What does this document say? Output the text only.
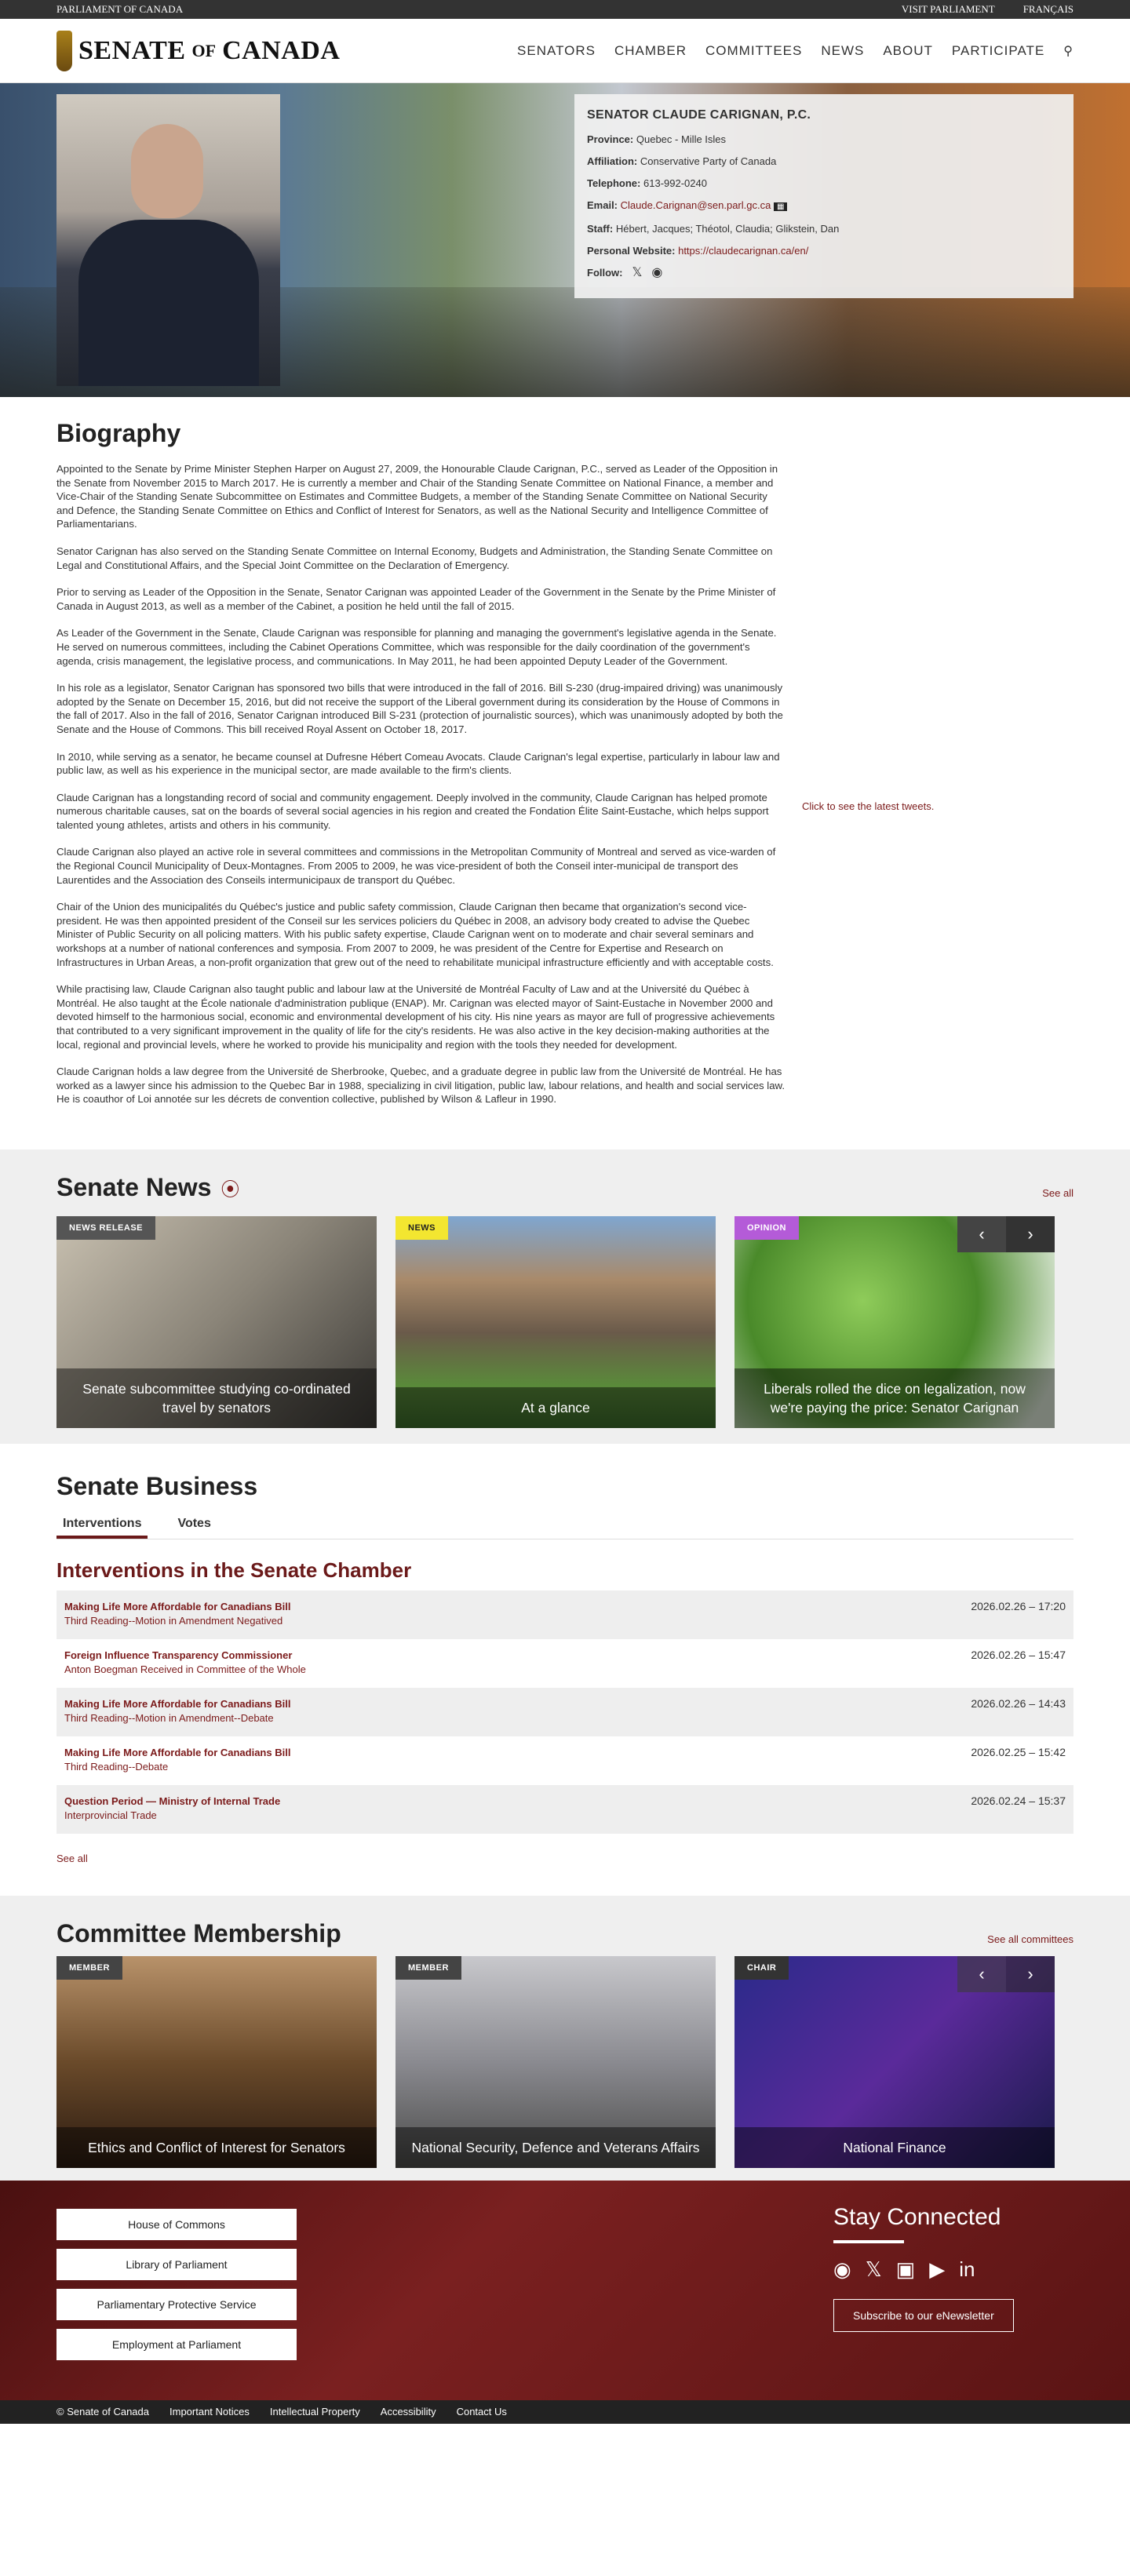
PARLIAMENT OF CANADA	VISIT PARLIAMENT	FRANÇAIS
SENATE OF CANADA	SENATORS CHAMBER COMMITTEES NEWS ABOUT PARTICIPATE ⚲
SENATOR CLAUDE CARIGNAN, P.C.
Province: Quebec - Mille Isles
Affiliation: Conservative Party of Canada
Telephone: 613-992-0240
Email: Claude.Carignan@sen.parl.gc.ca ▦
Staff: Hébert, Jacques; Théotol, Claudia; Glikstein, Dan
Personal Website: https://claudecarignan.ca/en/
Follow: 𝕏 ◉
Click to see the latest tweets.
Biography

Appointed to the Senate by Prime Minister Stephen Harper on August 27, 2009, the Honourable Claude Carignan, P.C., served as Leader of the Opposition in the Senate from November 2015 to March 2017. He is currently a member and Chair of the Standing Senate Committee on National Finance, a member and Vice-Chair of the Standing Senate Subcommittee on Estimates and Committee Budgets, a member of the Standing Senate Committee on National Security and Defence, the Standing Senate Committee on Ethics and Conflict of Interest for Senators, as well as the National Security and Intelligence Committee of Parliamentarians.

Senator Carignan has also served on the Standing Senate Committee on Internal Economy, Budgets and Administration, the Standing Senate Committee on Legal and Constitutional Affairs, and the Special Joint Committee on the Declaration of Emergency.

Prior to serving as Leader of the Opposition in the Senate, Senator Carignan was appointed Leader of the Government in the Senate by the Prime Minister of Canada in August 2013, as well as a member of the Cabinet, a position he held until the fall of 2015.

As Leader of the Government in the Senate, Claude Carignan was responsible for planning and managing the government's legislative agenda in the Senate. He served on numerous committees, including the Cabinet Operations Committee, which was responsible for the daily coordination of the government's agenda, crisis management, the legislative process, and communications. In May 2011, he had been appointed Deputy Leader of the Government.

In his role as a legislator, Senator Carignan has sponsored two bills that were introduced in the fall of 2016. Bill S-230 (drug-impaired driving) was unanimously adopted by the Senate on December 15, 2016, but did not receive the support of the Liberal government during its consideration by the House of Commons in the fall of 2017. Also in the fall of 2016, Senator Carignan introduced Bill S-231 (protection of journalistic sources), which was unanimously adopted by both the Senate and the House of Commons. This bill received Royal Assent on October 18, 2017.

In 2010, while serving as a senator, he became counsel at Dufresne Hébert Comeau Avocats. Claude Carignan's legal expertise, particularly in labour law and public law, as well as his experience in the municipal sector, are made available to the firm's clients.

Claude Carignan has a longstanding record of social and community engagement. Deeply involved in the community, Claude Carignan has helped promote numerous charitable causes, sat on the boards of several social agencies in his region and created the Fondation Élite Saint-Eustache, which helps support talented young athletes, artists and others in his community.

Claude Carignan also played an active role in several committees and commissions in the Metropolitan Community of Montreal and served as vice-warden of the Regional Council Municipality of Deux-Montagnes. From 2005 to 2009, he was vice-president of both the Conseil inter-municipal de transport des Laurentides and the Association des Conseils intermunicipaux de transport du Québec.

Chair of the Union des municipalités du Québec's justice and public safety commission, Claude Carignan then became that organization's second vice-president. He was then appointed president of the Conseil sur les services policiers du Québec in 2008, an advisory body created to advise the Quebec Minister of Public Security on all policing matters. With his public safety expertise, Claude Carignan went on to moderate and chair several seminars and workshops at a number of national conferences and symposia. From 2007 to 2009, he was president of the Centre for Expertise and Research on Infrastructures in Urban Areas, a non-profit organization that grew out of the need to rehabilitate municipal infrastructure efficiently and with acceptable costs.

While practising law, Claude Carignan also taught public and labour law at the Université de Montréal Faculty of Law and at the Université du Québec à Montréal. He also taught at the École nationale d'administration publique (ENAP). Mr. Carignan was elected mayor of Saint-Eustache in November 2000 and devoted himself to the harmonious social, economic and environmental development of his city. His nine years as mayor are full of progressive achievements that contributed to a very significant improvement in the quality of life for the city's residents. He was also active in the key decision-making authorities at the local, regional and provincial levels, where he worked to provide his municipality and region with the tools they needed for development.

Claude Carignan holds a law degree from the Université de Sherbrooke, Quebec, and a graduate degree in public law from the Université de Montréal. He has worked as a lawyer since his admission to the Quebec Bar in 1988, specializing in civil litigation, public law, labour relations, and health and social services law. He is coauthor of Loi annotée sur les décrets de convention collective, published by Wilson & Lafleur in 1990.

Senate News ⦿	See all
NEWS RELEASE
Senate subcommittee studying co-ordinated travel by senators
NEWS
At a glance
OPINION	‹	›
Liberals rolled the dice on legalization, now we're paying the price: Senator Carignan
Senate Business
Interventions	Votes
Interventions in the Senate Chamber
Making Life More Affordable for Canadians Bill
Third Reading--Motion in Amendment Negatived
2026.02.26 – 17:20
Foreign Influence Transparency Commissioner
Anton Boegman Received in Committee of the Whole
2026.02.26 – 15:47
Making Life More Affordable for Canadians Bill
Third Reading--Motion in Amendment--Debate
2026.02.26 – 14:43
Making Life More Affordable for Canadians Bill
Third Reading--Debate
2026.02.25 – 15:42
Question Period — Ministry of Internal Trade
Interprovincial Trade
2026.02.24 – 15:37
See all
Committee Membership	See all committees
MEMBER
Ethics and Conflict of Interest for Senators
MEMBER
National Security, Defence and Veterans Affairs
CHAIR	‹	›
National Finance
House of Commons
Library of Parliament
Parliamentary Protective Service
Employment at Parliament
Stay Connected
◉ 𝕏 ▣ ▶ in
Subscribe to our eNewsletter
© Senate of Canada Important Notices Intellectual Property Accessibility Contact Us
